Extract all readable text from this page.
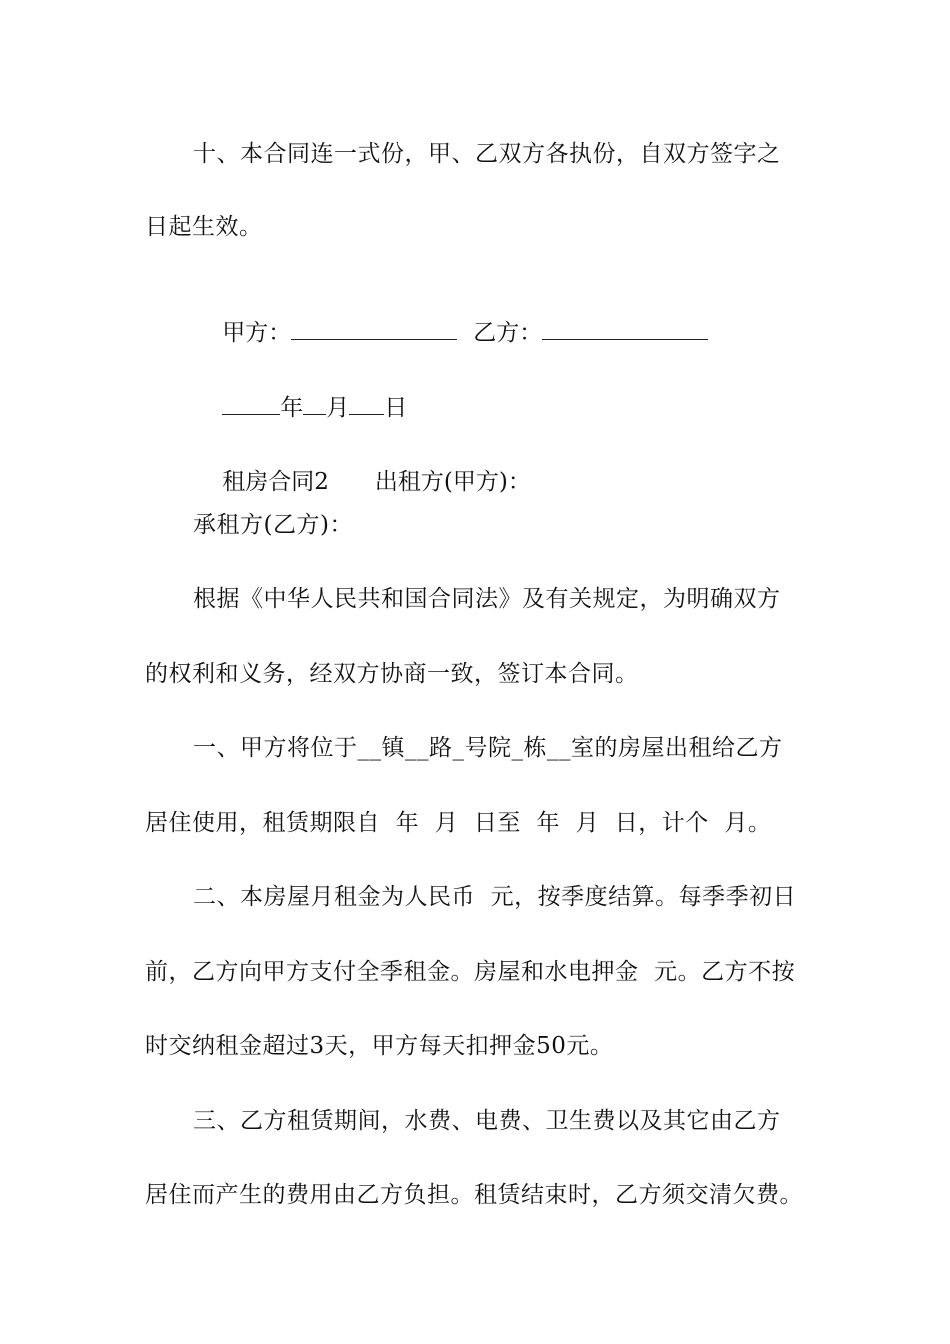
十、本合同连一式份，甲、乙双方各执份，自双方签字之
日起生效。

甲方：	乙方：

年 月 日

租房合同2 出租方(甲方)：

承租方(乙方)：
根据《中华人民共和国合同法》及有关规定，为明确双方
的权利和义务，经双方协商一致，签订本合同。
一、甲方将位于__镇__路_号院_栋__室的房屋出租给乙方
居住使用，租赁期限自  年  月  日至  年  月  日，计个  月。
二、本房屋月租金为人民币  元，按季度结算。每季季初日
前，乙方向甲方支付全季租金。房屋和水电押金  元。乙方不按
时交纳租金超过3天，甲方每天扣押金50元。
三、乙方租赁期间，水费、电费、卫生费以及其它由乙方
居住而产生的费用由乙方负担。租赁结束时，乙方须交清欠费。
